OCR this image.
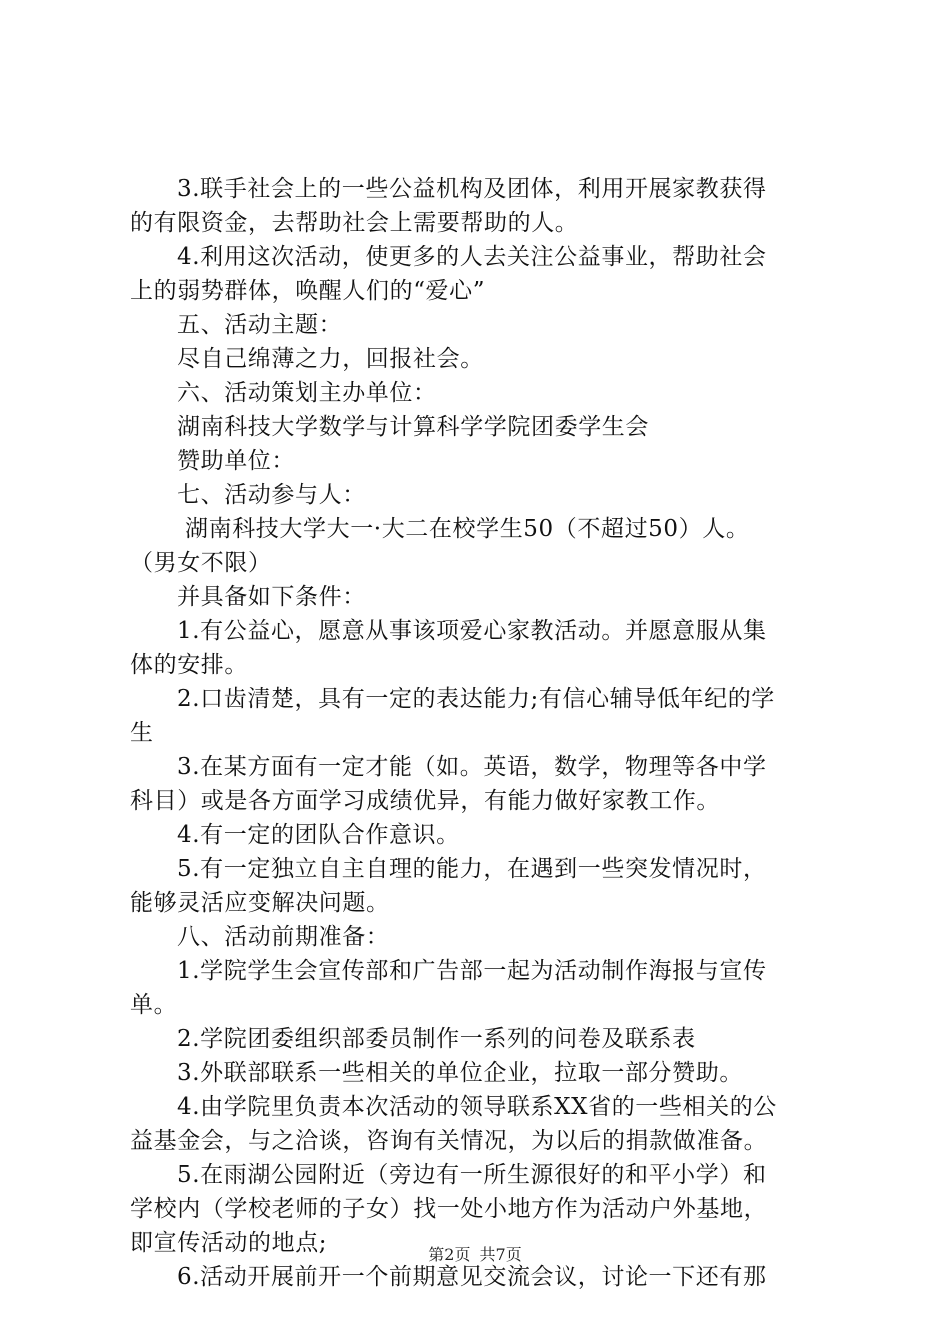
3.联手社会上的一些公益机构及团体，利用开展家教获得
的有限资金，去帮助社会上需要帮助的人。
4.利用这次活动，使更多的人去关注公益事业，帮助社会
上的弱势群体，唤醒人们的“爱心”
五、活动主题：
尽自己绵薄之力，回报社会。
六、活动策划主办单位：
湖南科技大学数学与计算科学学院团委学生会
赞助单位：
七、活动参与人：
湖南科技大学大一·大二在校学生50（不超过50）人。
（男女不限）
并具备如下条件：
1.有公益心，愿意从事该项爱心家教活动。并愿意服从集
体的安排。
2.口齿清楚，具有一定的表达能力;有信心辅导低年纪的学
生
3.在某方面有一定才能（如。英语，数学，物理等各中学
科目）或是各方面学习成绩优异，有能力做好家教工作。
4.有一定的团队合作意识。
5.有一定独立自主自理的能力，在遇到一些突发情况时，
能够灵活应变解决问题。
八、活动前期准备：
1.学院学生会宣传部和广告部一起为活动制作海报与宣传
单。
2.学院团委组织部委员制作一系列的问卷及联系表
3.外联部联系一些相关的单位企业，拉取一部分赞助。
4.由学院里负责本次活动的领导联系XX省的一些相关的公
益基金会，与之洽谈，咨询有关情况，为以后的捐款做准备。
5.在雨湖公园附近（旁边有一所生源很好的和平小学）和
学校内（学校老师的子女）找一处小地方作为活动户外基地，
即宣传活动的地点;
6.活动开展前开一个前期意见交流会议，讨论一下还有那
第2页 共7页
